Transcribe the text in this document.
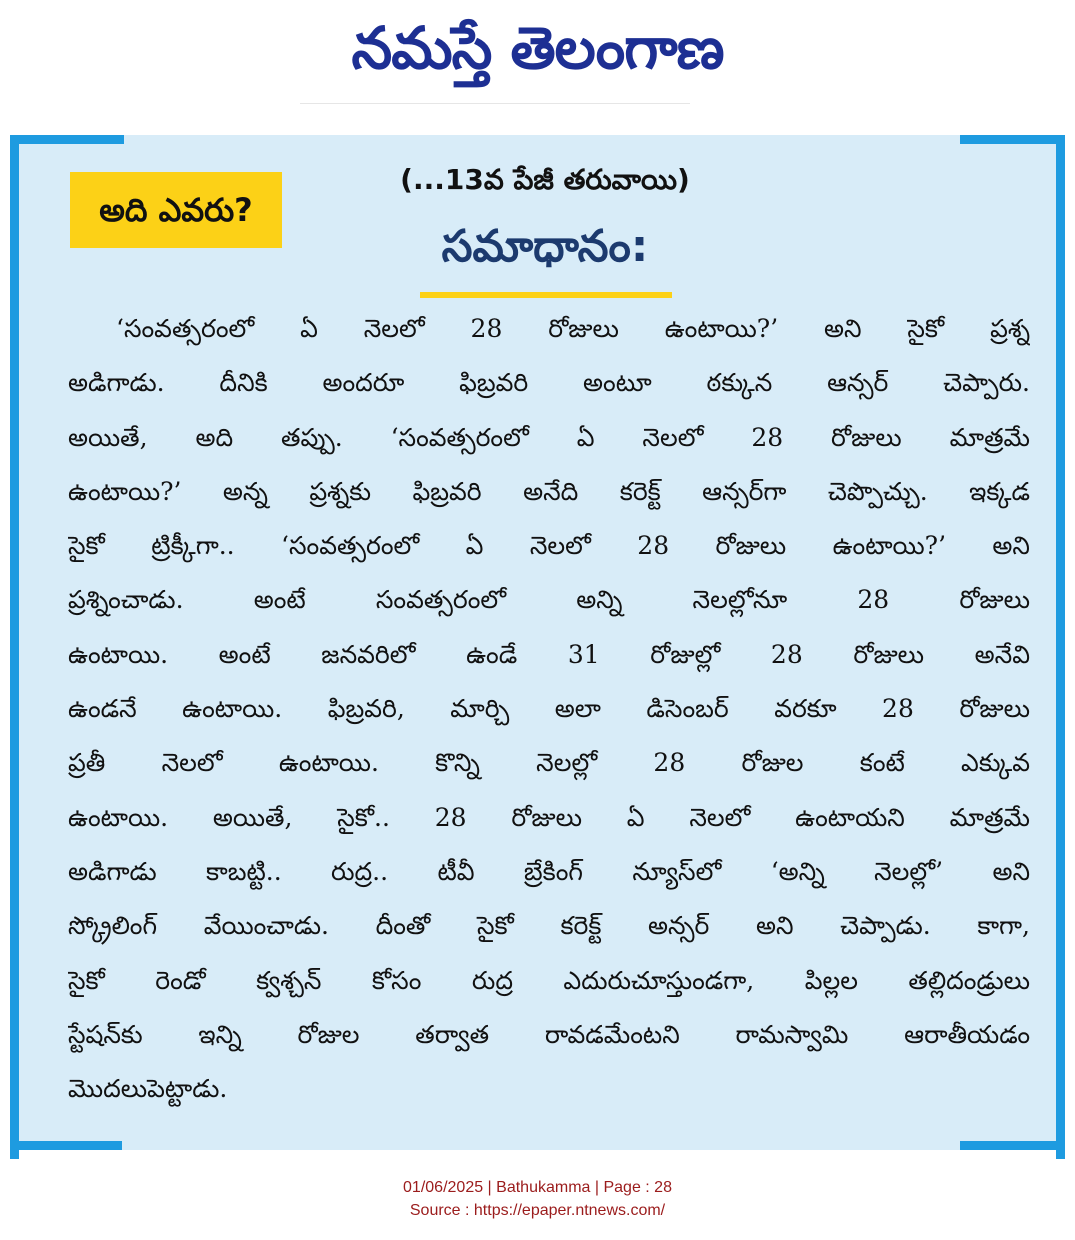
నమస్తే తెలంగాణ
అది ఎవరు?
(...13వ పేజీ తరువాయి)
సమాధానం:
‘సంవత్సరంలో ఏ నెలలో 28 రోజులు ఉంటాయి?’ అని సైకో ప్రశ్న
అడిగాడు. దీనికి అందరూ ఫిబ్రవరి అంటూ ఠక్కున ఆన్సర్ చెప్పారు.
అయితే, అది తప్పు. ‘సంవత్సరంలో ఏ నెలలో 28 రోజులు మాత్రమే
ఉంటాయి?’ అన్న ప్రశ్నకు ఫిబ్రవరి అనేది కరెక్ట్ ఆన్సర్‌గా చెప్పొచ్చు. ఇక్కడ
సైకో ట్రిక్కీగా.. ‘సంవత్సరంలో ఏ నెలలో 28 రోజులు ఉంటాయి?’ అని
ప్రశ్నించాడు. అంటే సంవత్సరంలో అన్ని నెలల్లోనూ 28 రోజులు
ఉంటాయి. అంటే జనవరిలో ఉండే 31 రోజుల్లో 28 రోజులు అనేవి
ఉండనే ఉంటాయి. ఫిబ్రవరి, మార్చి అలా డిసెంబర్ వరకూ 28 రోజులు
ప్రతీ నెలలో ఉంటాయి. కొన్ని నెలల్లో 28 రోజుల కంటే ఎక్కువ
ఉంటాయి. అయితే, సైకో.. 28 రోజులు ఏ నెలలో ఉంటాయని మాత్రమే
అడిగాడు కాబట్టి.. రుద్ర.. టీవీ బ్రేకింగ్ న్యూస్‌లో ‘అన్ని నెలల్లో’ అని
స్క్రోలింగ్ వేయించాడు. దీంతో సైకో కరెక్ట్ అన్సర్ అని చెప్పాడు. కాగా,
సైకో రెండో క్వశ్చన్ కోసం రుద్ర ఎదురుచూస్తుండగా, పిల్లల తల్లిదండ్రులు
స్టేషన్‌కు ఇన్ని రోజుల తర్వాత రావడమేంటని రామస్వామి ఆరాతీయడం
మొదలుపెట్టాడు.
01/06/2025 | Bathukamma | Page : 28
Source : https://epaper.ntnews.com/
